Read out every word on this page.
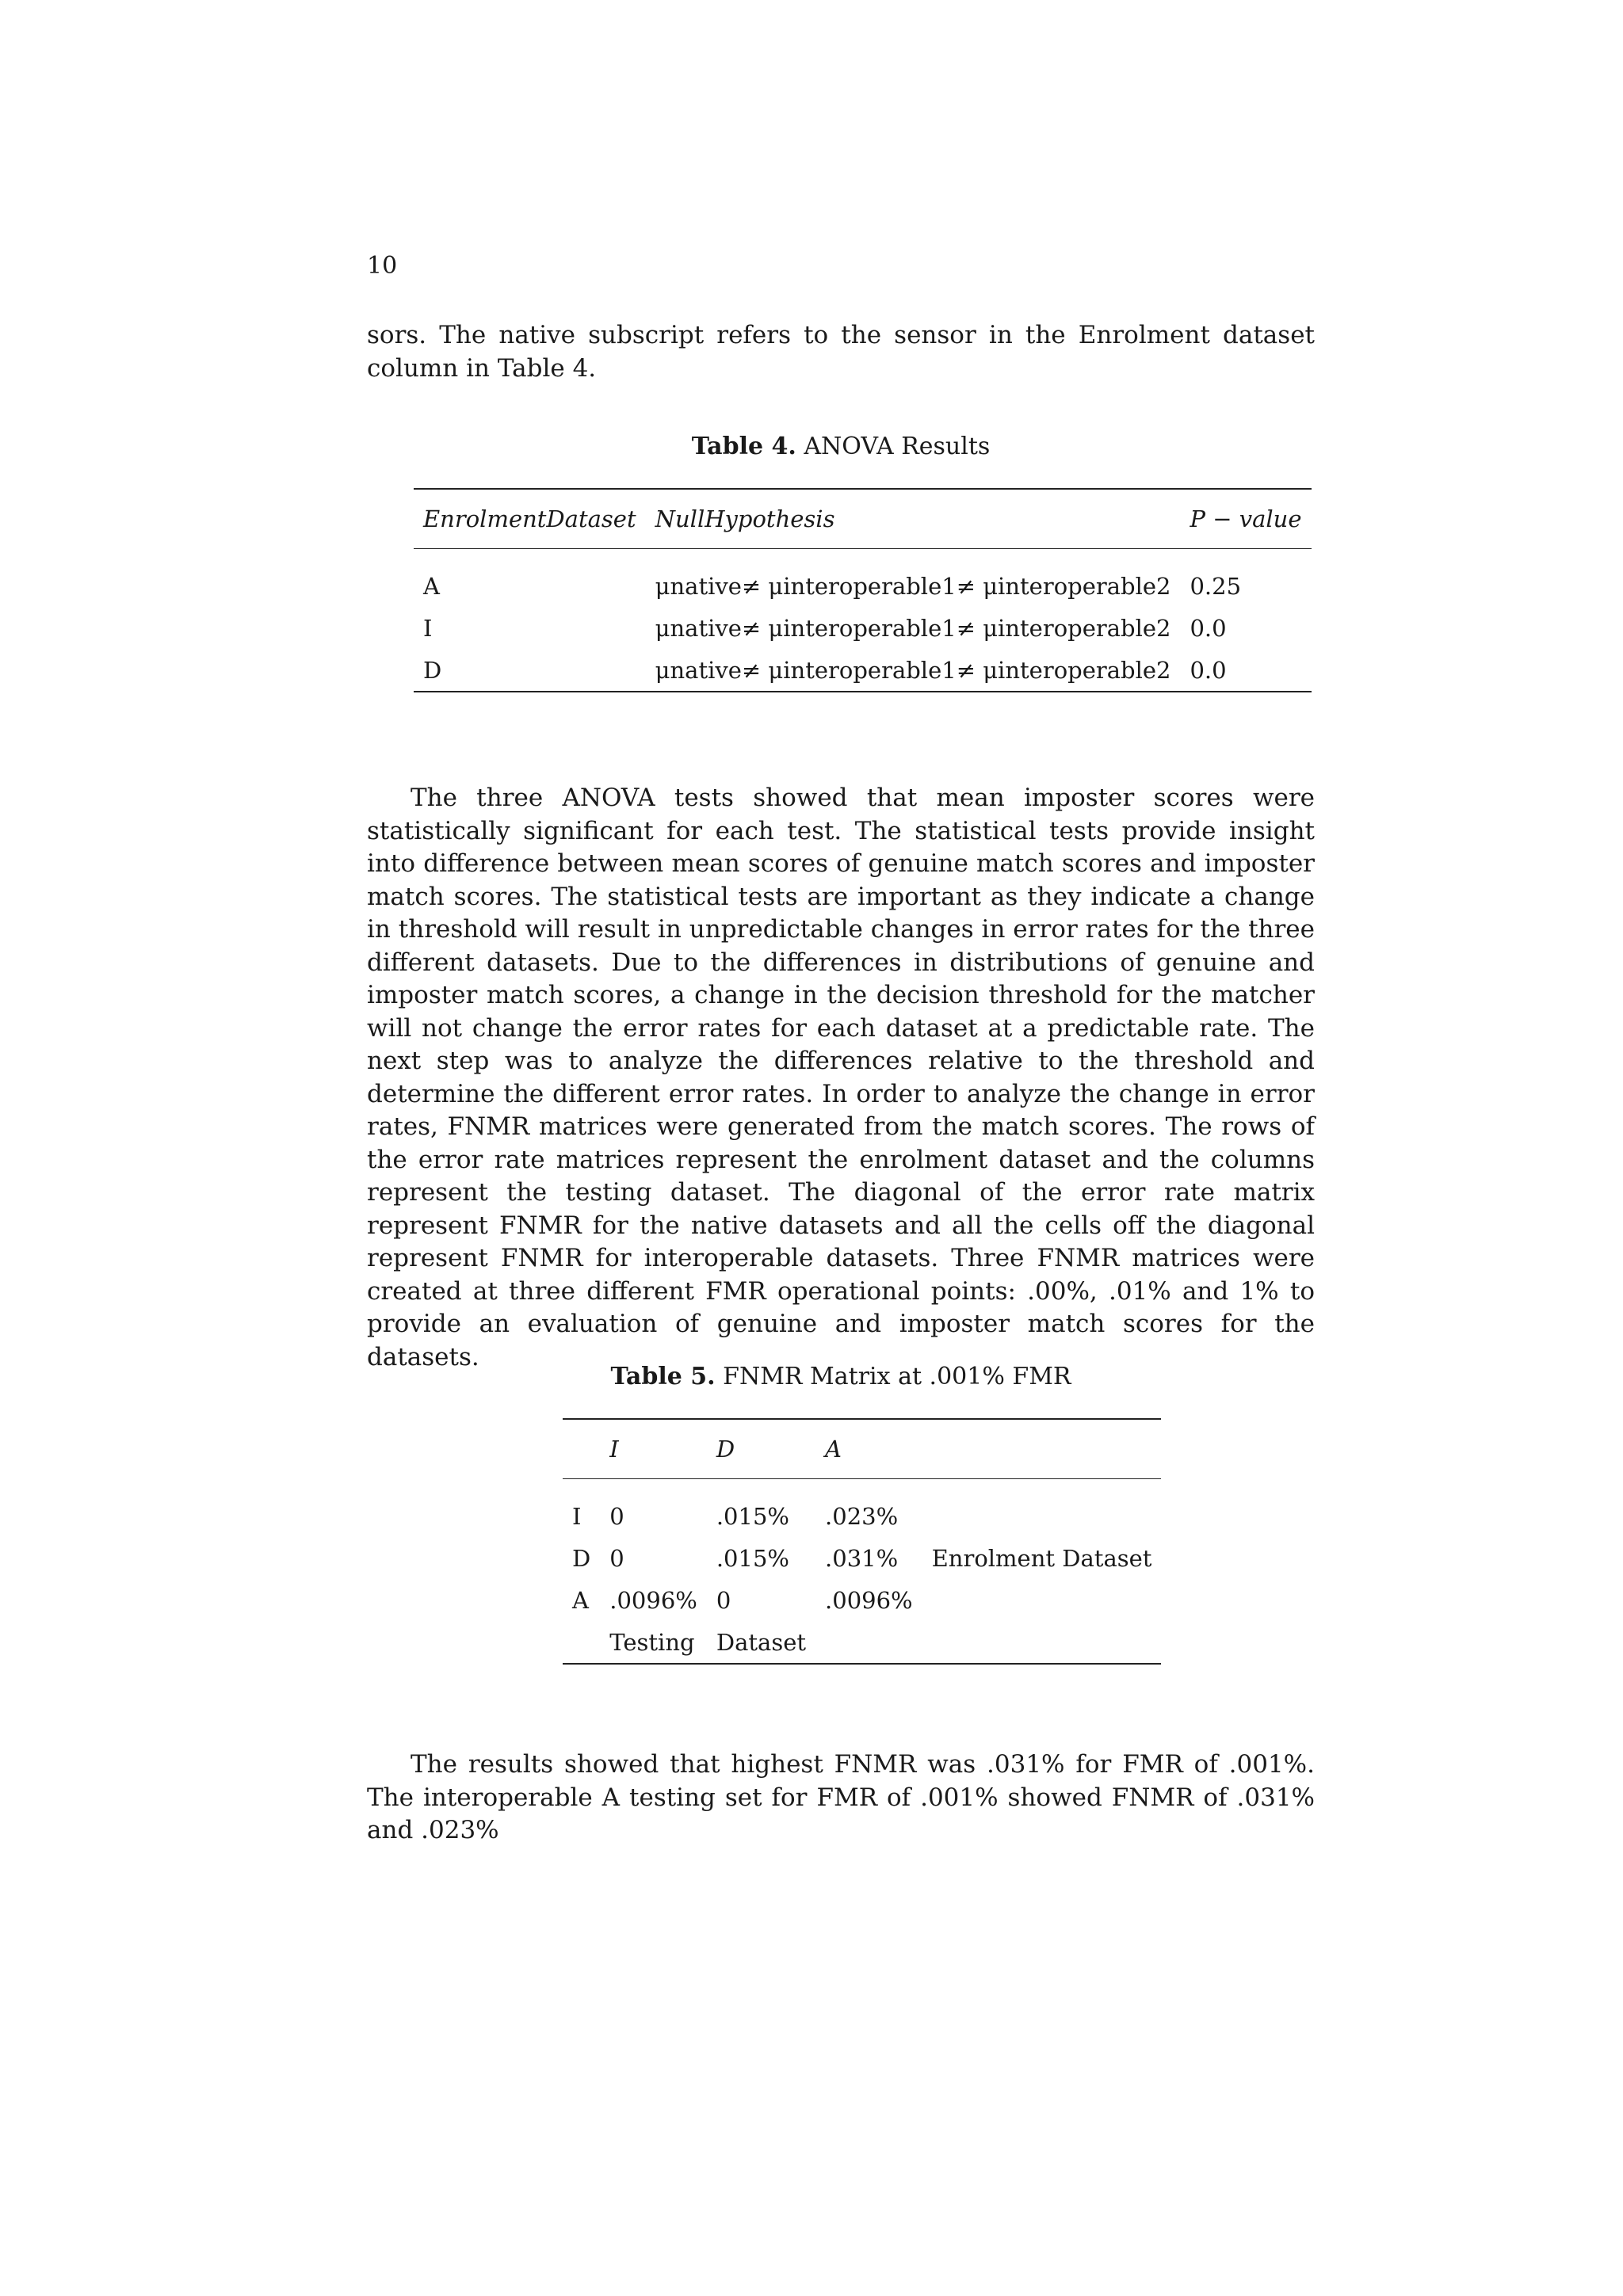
10

sors. The native subscript refers to the sensor in the Enrolment dataset column in Table 4.

Table 4. ANOVA Results
EnrolmentDataset	NullHypothesis	P − value
A	μnative≠ μinteroperable1≠ μinteroperable2	0.25
I	μnative≠ μinteroperable1≠ μinteroperable2	0.0
D	μnative≠ μinteroperable1≠ μinteroperable2	0.0

The three ANOVA tests showed that mean imposter scores were statistically significant for each test. The statistical tests provide insight into difference between mean scores of genuine match scores and imposter match scores. The statistical tests are important as they indicate a change in threshold will result in unpredictable changes in error rates for the three different datasets. Due to the differences in distributions of genuine and imposter match scores, a change in the decision threshold for the matcher will not change the error rates for each dataset at a predictable rate. The next step was to analyze the differences relative to the threshold and determine the different error rates. In order to analyze the change in error rates, FNMR matrices were generated from the match scores. The rows of the error rate matrices represent the enrolment dataset and the columns represent the testing dataset. The diagonal of the error rate matrix represent FNMR for the native datasets and all the cells off the diagonal represent FNMR for interoperable datasets. Three FNMR matrices were created at three different FMR operational points: .00%, .01% and 1% to provide an evaluation of genuine and imposter match scores for the datasets.

Table 5. FNMR Matrix at .001% FMR
	I	D	A	
I	0	.015%	.023%	
D	0	.015%	.031%	Enrolment Dataset
A	.0096%	0	.0096%	
	Testing	Dataset		

The results showed that highest FNMR was .031% for FMR of .001%. The interoperable A testing set for FMR of .001% showed FNMR of .031% and .023%
